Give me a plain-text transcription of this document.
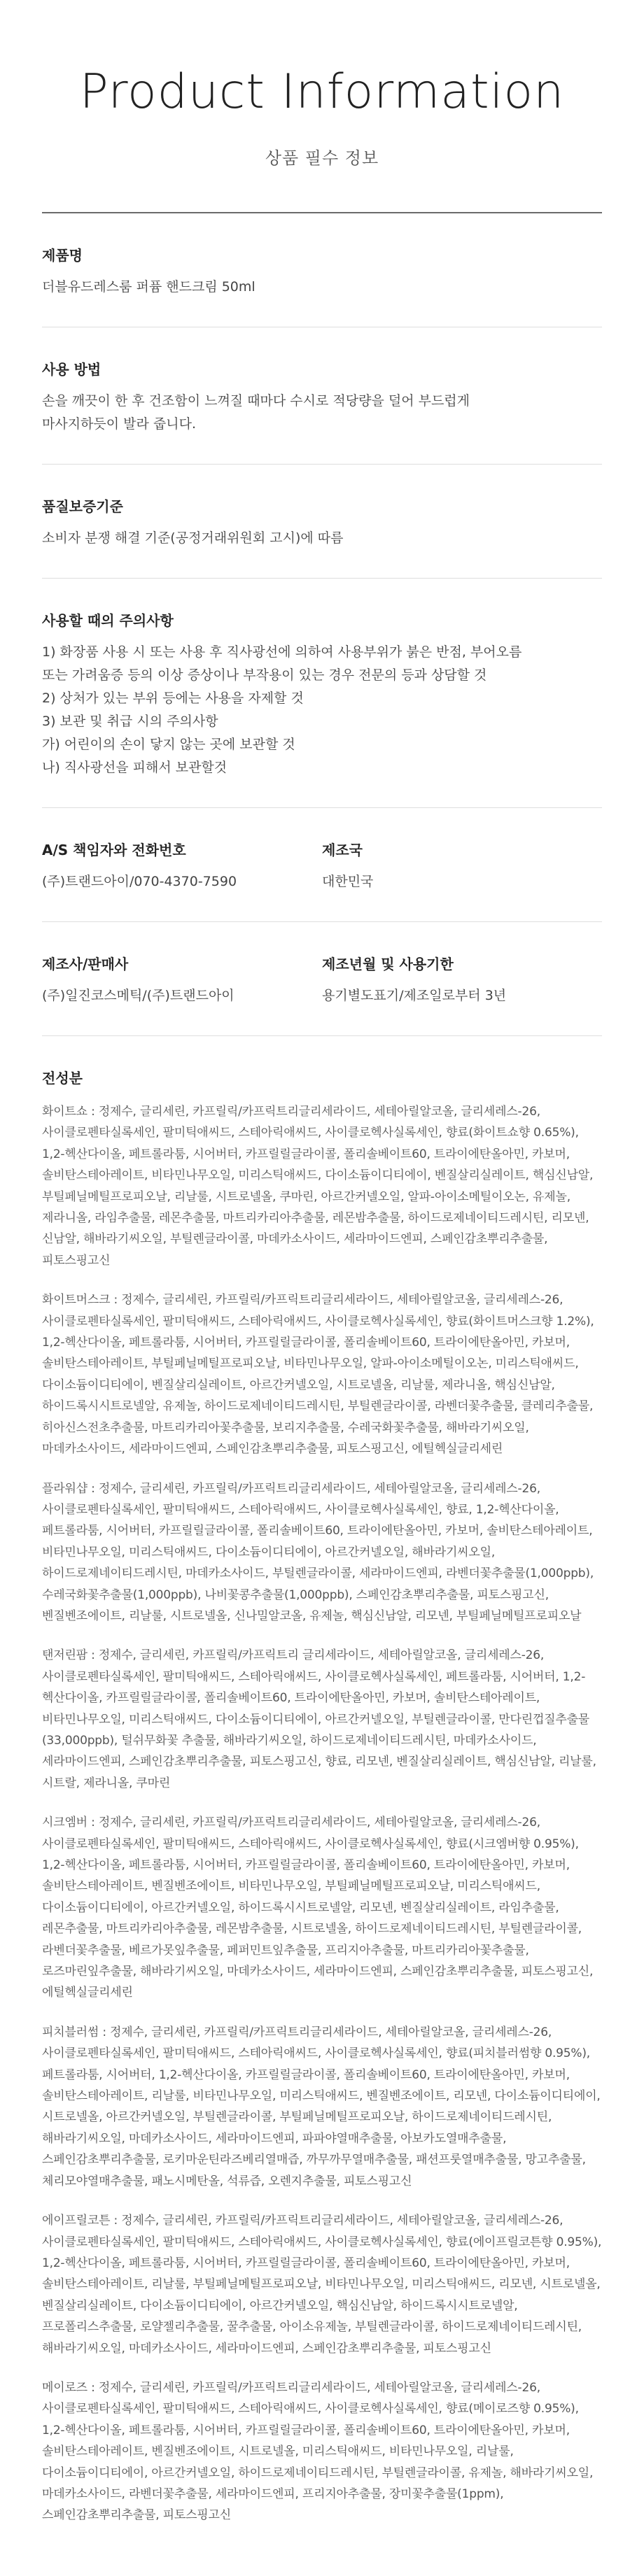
Product Information
상품 필수 정보
제품명
더블유드레스룸 퍼퓸 핸드크림 50ml
사용 방법
손을 깨끗이 한 후 건조함이 느껴질 때마다 수시로 적당량을 덜어 부드럽게
마사지하듯이 발라 줍니다.
품질보증기준
소비자 분쟁 해결 기준(공정거래위원회 고시)에 따름
사용할 때의 주의사항
1) 화장품 사용 시 또는 사용 후 직사광선에 의하여 사용부위가 붉은 반점, 부어오름
또는 가려움증 등의 이상 증상이나 부작용이 있는 경우 전문의 등과 상담할 것
2) 상처가 있는 부위 등에는 사용을 자제할 것
3) 보관 및 취급 시의 주의사항
가) 어린이의 손이 닿지 않는 곳에 보관할 것
나) 직사광선을 피해서 보관할것
A/S 책임자와 전화번호
(주)트랜드아이/070-4370-7590
제조국
대한민국
제조사/판매사
(주)일진코스메틱/(주)트랜드아이
제조년월 및 사용기한
용기별도표기/제조일로부터 3년
전성분
화이트쇼 : 정제수, 글리세린, 카프릴릭/카프릭트리글리세라이드, 세테아릴알코올, 글리세레스-26, 사이클로펜타실록세인, 팔미틱애씨드, 스테아릭애씨드, 사이클로헥사실록세인, 향료(화이트쇼향 0.65%), 1,2-헥산다이올, 페트롤라툼, 시어버터, 카프릴릴글라이콜, 폴리솔베이트60, 트라이에탄올아민, 카보머, 솔비탄스테아레이트, 비타민나무오일, 미리스틱애씨드, 다이소듐이디티에이, 벤질살리실레이트, 핵심신남알, 부틸페닐메틸프로피오날, 리날룰, 시트로넬올, 쿠마린, 아르간커넬오일, 알파-아이소메틸이오논, 유제놀, 제라니올, 라임추출물, 레몬추출물, 마트리카리아추출물, 레몬밤추출물, 하이드로제네이티드레시틴, 리모넨, 신남알, 해바라기씨오일, 부틸렌글라이콜, 마데카소사이드, 세라마이드엔피, 스페인감초뿌리추출물, 피토스핑고신
화이트머스크 : 정제수, 글리세린, 카프릴릭/카프릭트리글리세라이드, 세테아릴알코올, 글리세레스-26, 사이클로펜타실록세인, 팔미틱애씨드, 스테아릭애씨드, 사이클로헥사실록세인, 향료(화이트머스크향 1.2%), 1,2-헥산다이올, 페트롤라툼, 시어버터, 카프릴릴글라이콜, 폴리솔베이트60, 트라이에탄올아민, 카보머, 솔비탄스테아레이트, 부틸페닐메틸프로피오날, 비타민나무오일, 알파-아이소메틸이오논, 미리스틱애씨드, 다이소듐이디티에이, 벤질살리실레이트, 아르간커넬오일, 시트로넬올, 리날룰, 제라니올, 핵심신남알, 하이드록시시트로넬알, 유제놀, 하이드로제네이티드레시틴, 부틸렌글라이콜, 라벤더꽃추출물, 클레리추출물, 히아신스전초추출물, 마트리카리아꽃추출물, 보리지추출물, 수레국화꽃추출물, 해바라기씨오일, 마데카소사이드, 세라마이드엔피, 스페인감초뿌리추출물, 피토스핑고신, 에틸헥실글리세린
플라워샵 : 정제수, 글리세린, 카프릴릭/카프릭트리글리세라이드, 세테아릴알코올, 글리세레스-26, 사이클로펜타실록세인, 팔미틱애씨드, 스테아릭애씨드, 사이클로헥사실록세인, 향료, 1,2-헥산다이올, 페트롤라툼, 시어버터, 카프릴릴글라이콜, 폴리솔베이트60, 트라이에탄올아민, 카보머, 솔비탄스테아레이트, 비타민나무오일, 미리스틱애씨드, 다이소듐이디티에이, 아르간커넬오일, 해바라기씨오일, 하이드로제네이티드레시틴, 마데카소사이드, 부틸렌글라이콜, 세라마이드엔피, 라벤더꽃추출물(1,000ppb), 수레국화꽃추출물(1,000ppb), 나비꽃콩추출물(1,000ppb), 스페인감초뿌리추출물, 피토스핑고신, 벤질벤조에이트, 리날룰, 시트로넬올, 신나밀알코올, 유제놀, 핵심신남알, 리모넨, 부틸페닐메틸프로피오날
탠저린팜 : 정제수, 글리세린, 카프릴릭/카프릭트리 글리세라이드, 세테아릴알코올, 글리세레스-26, 사이클로펜타실록세인, 팔미틱애씨드, 스테아릭애씨드, 사이클로헥사실록세인, 페트롤라툼, 시어버터, 1,2-헥산다이올, 카프릴릴글라이콜, 폴리솔베이트60, 트라이에탄올아민, 카보머, 솔비탄스테아레이트, 비타민나무오일, 미리스틱애씨드, 다이소듐이디티에이, 아르간커넬오일, 부틸렌글라이콜, 만다린껍질추출물(33,000ppb), 털쉬무화꽃 추출물, 해바라기씨오일, 하이드로제네이티드레시틴, 마데카소사이드, 세라마이드엔피, 스페인감초뿌리추출물, 피토스핑고신, 향료, 리모넨, 벤질살리실레이트, 핵심신남알, 리날룰, 시트랄, 제라니올, 쿠마린
시크엠버 : 정제수, 글리세린, 카프릴릭/카프릭트리글리세라이드, 세테아릴알코올, 글리세레스-26, 사이클로펜타실록세인, 팔미틱애씨드, 스테아릭애씨드, 사이클로헥사실록세인, 향료(시크엠버향 0.95%), 1,2-헥산다이올, 페트롤라툼, 시어버터, 카프릴릴글라이콜, 폴리솔베이트60, 트라이에탄올아민, 카보머, 솔비탄스테아레이트, 벤질벤조에이트, 비타민나무오일, 부틸페닐메틸프로피오날, 미리스틱애씨드, 다이소듐이디티에이, 아르간커넬오일, 하이드록시시트로넬알, 리모넨, 벤질살리실레이트, 라임추출물, 레몬추출물, 마트리카리아추출물, 레몬밤추출물, 시트로넬올, 하이드로제네이티드레시틴, 부틸렌글라이콜, 라벤더꽃추출물, 베르가못잎추출물, 페퍼민트잎추출물, 프리지아추출물, 마트리카리아꽃추출물, 로즈마린잎추출물, 해바라기씨오일, 마데카소사이드, 세라마이드엔피, 스페인감초뿌리추출물, 피토스핑고신, 에틸헥실글리세린
피치블러썸 : 정제수, 글리세린, 카프릴릭/카프릭트리글리세라이드, 세테아릴알코올, 글리세레스-26, 사이클로펜타실록세인, 팔미틱애씨드, 스테아릭애씨드, 사이클로헥사실록세인, 향료(피치블러썸향 0.95%), 페트롤라툼, 시어버터, 1,2-헥산다이올, 카프릴릴글라이콜, 폴리솔베이트60, 트라이에탄올아민, 카보머, 솔비탄스테아레이트, 리날룰, 비타민나무오일, 미리스틱애씨드, 벤질벤조에이트, 리모넨, 다이소듐이디티에이, 시트로넬올, 아르간커넬오일, 부틸렌글라이콜, 부틸페닐메틸프로피오날, 하이드로제네이티드레시틴, 해바라기씨오일, 마데카소사이드, 세라마이드엔피, 파파야열매추출물, 아보카도열매추출물, 스페인감초뿌리추출물, 로키마운틴라즈베리열매즙, 까무까무열매추출물, 패션프룻열매추출물, 망고추출물, 체리모야열매추출물, 패노시메탄올, 석류즙, 오렌지추출물, 피토스핑고신
에이프릴코튼 : 정제수, 글리세린, 카프릴릭/카프릭트리글리세라이드, 세테아릴알코올, 글리세레스-26, 사이클로펜타실록세인, 팔미틱애씨드, 스테아릭애씨드, 사이클로헥사실록세인, 향료(에이프릴코튼향 0.95%), 1,2-헥산다이올, 페트롤라툼, 시어버터, 카프릴릴글라이콜, 폴리솔베이트60, 트라이에탄올아민, 카보머, 솔비탄스테아레이트, 리날룰, 부틸페닐메틸프로피오날, 비타민나무오일, 미리스틱애씨드, 리모넨, 시트로넬올, 벤질살리실레이트, 다이소듐이디티에이, 아르간커넬오일, 핵심신남알, 하이드록시시트로넬알, 프로폴리스추출물, 로얄젤리추출물, 꿀추출물, 아이소유제놀, 부틸렌글라이콜, 하이드로제네이티드레시틴, 해바라기씨오일, 마데카소사이드, 세라마이드엔피, 스페인감초뿌리추출물, 피토스핑고신
메이로즈 : 정제수, 글리세린, 카프릴릭/카프릭트리글리세라이드, 세테아릴알코올, 글리세레스-26, 사이클로펜타실록세인, 팔미틱애씨드, 스테아릭애씨드, 사이클로헥사실록세인, 향료(메이로즈향 0.95%), 1,2-헥산다이올, 페트롤라툼, 시어버터, 카프릴릴글라이콜, 폴리솔베이트60, 트라이에탄올아민, 카보머, 솔비탄스테아레이트, 벤질벤조에이트, 시트로넬올, 미리스틱애씨드, 비타민나무오일, 리날룰, 다이소듐이디티에이, 아르간커넬오일, 하이드로제네이티드레시틴, 부틸렌글라이콜, 유제놀, 해바라기씨오일, 마데카소사이드, 라벤더꽃추출물, 세라마이드엔피, 프리지아추출물, 장미꽃추출물(1ppm), 스페인감초뿌리추출물, 피토스핑고신
